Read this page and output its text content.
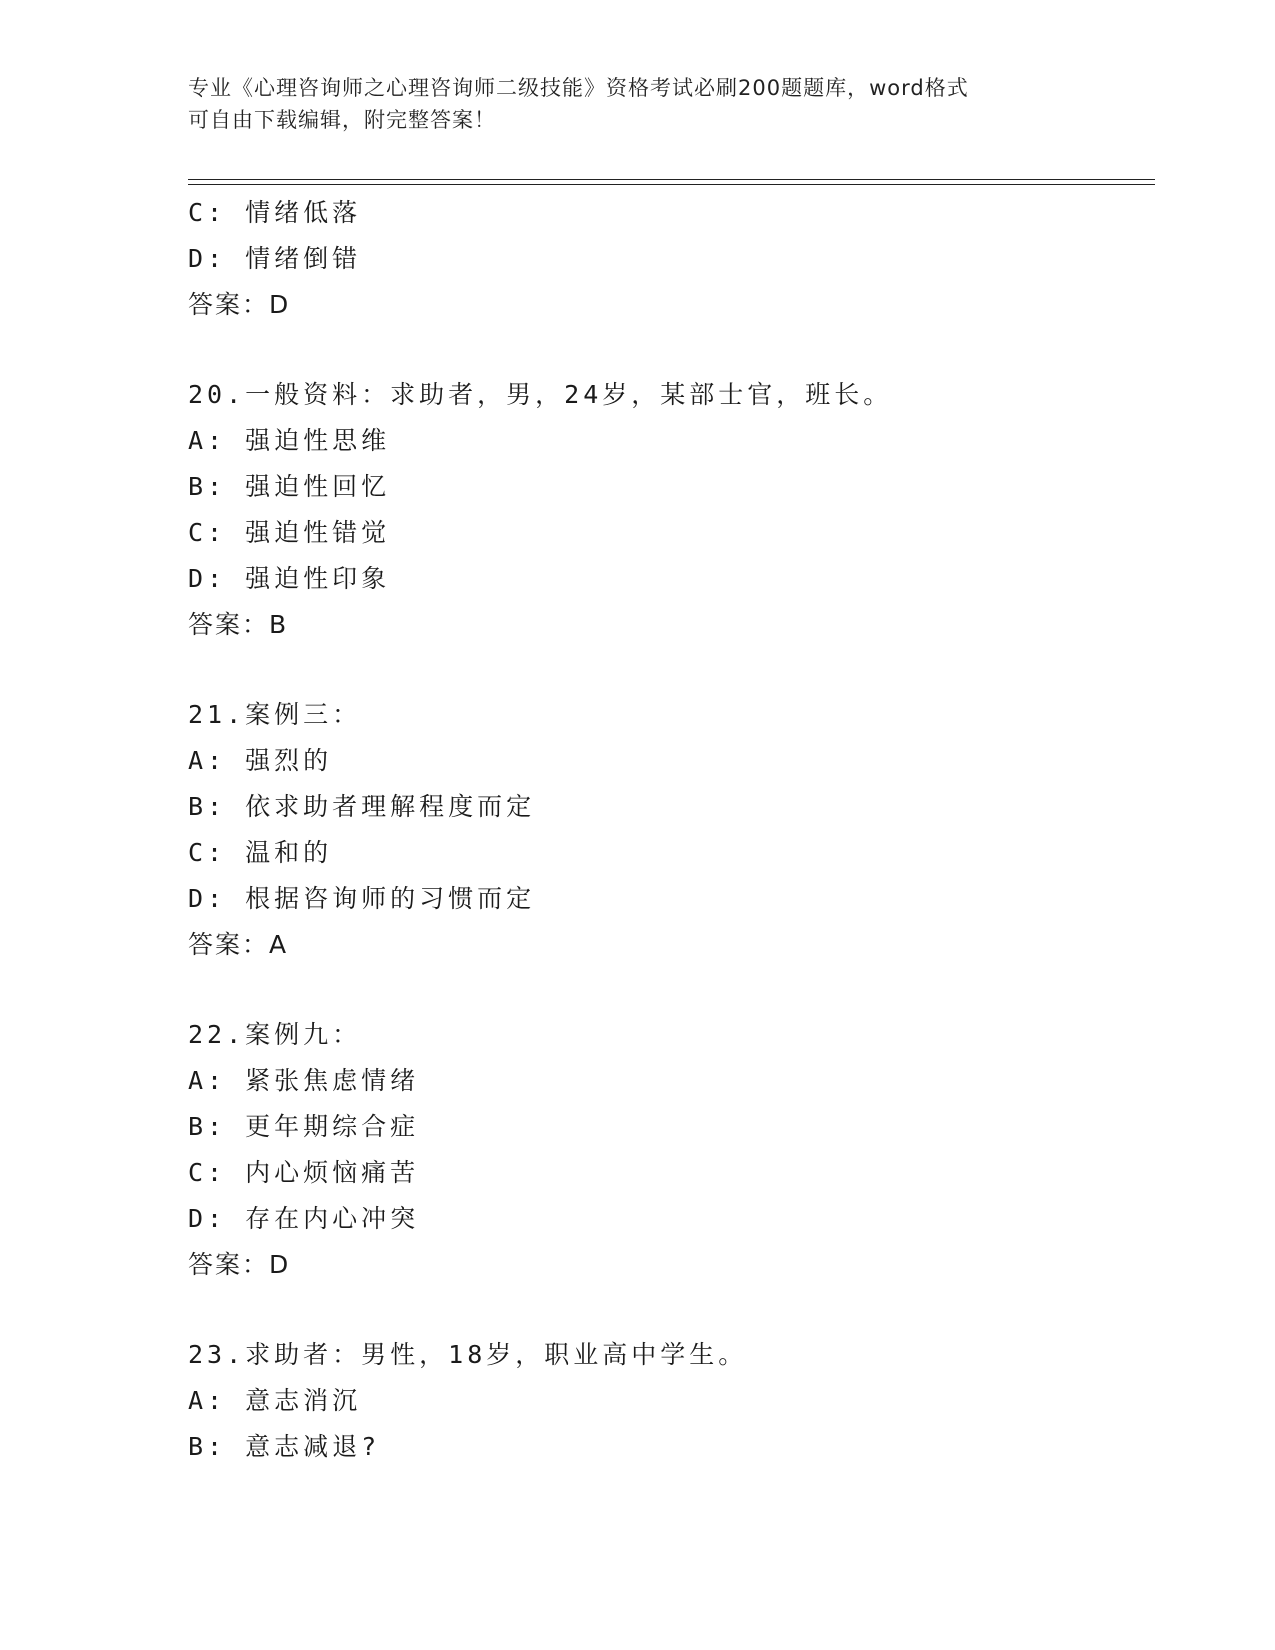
专业《心理咨询师之心理咨询师二级技能》资格考试必刷200题题库，word格式
可自由下载编辑，附完整答案！
C: 情绪低落
D: 情绪倒错
答案：D
20.一般资料：求助者，男，24岁，某部士官，班长。
A: 强迫性思维
B: 强迫性回忆
C: 强迫性错觉
D: 强迫性印象
答案：B
21.案例三：
A: 强烈的
B: 依求助者理解程度而定
C: 温和的
D: 根据咨询师的习惯而定
答案：A
22.案例九：
A: 紧张焦虑情绪
B: 更年期综合症
C: 内心烦恼痛苦
D: 存在内心冲突
答案：D
23.求助者：男性，18岁，职业高中学生。
A: 意志消沉
B: 意志减退?
